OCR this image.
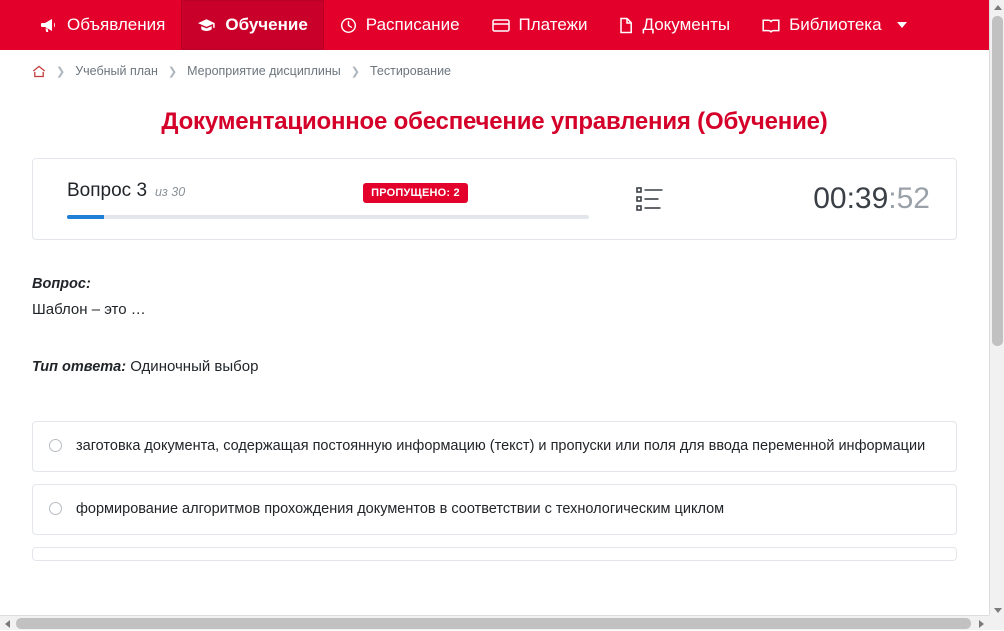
Объявления	Обучение	Расписание	Платежи	Документы	Библиотека
❯ Учебный план ❯ Мероприятие дисциплины ❯ Тестирование
Документационное обеспечение управления (Обучение)
Вопрос 3 из 30	ПРОПУЩЕНО: 2	00:39:52
Вопрос:
Шаблон – это …
Тип ответа: Одиночный выбор
заготовка документа, содержащая постоянную информацию (текст) и пропуски или поля для ввода переменной информации
формирование алгоритмов прохождения документов в соответствии с технологическим циклом
